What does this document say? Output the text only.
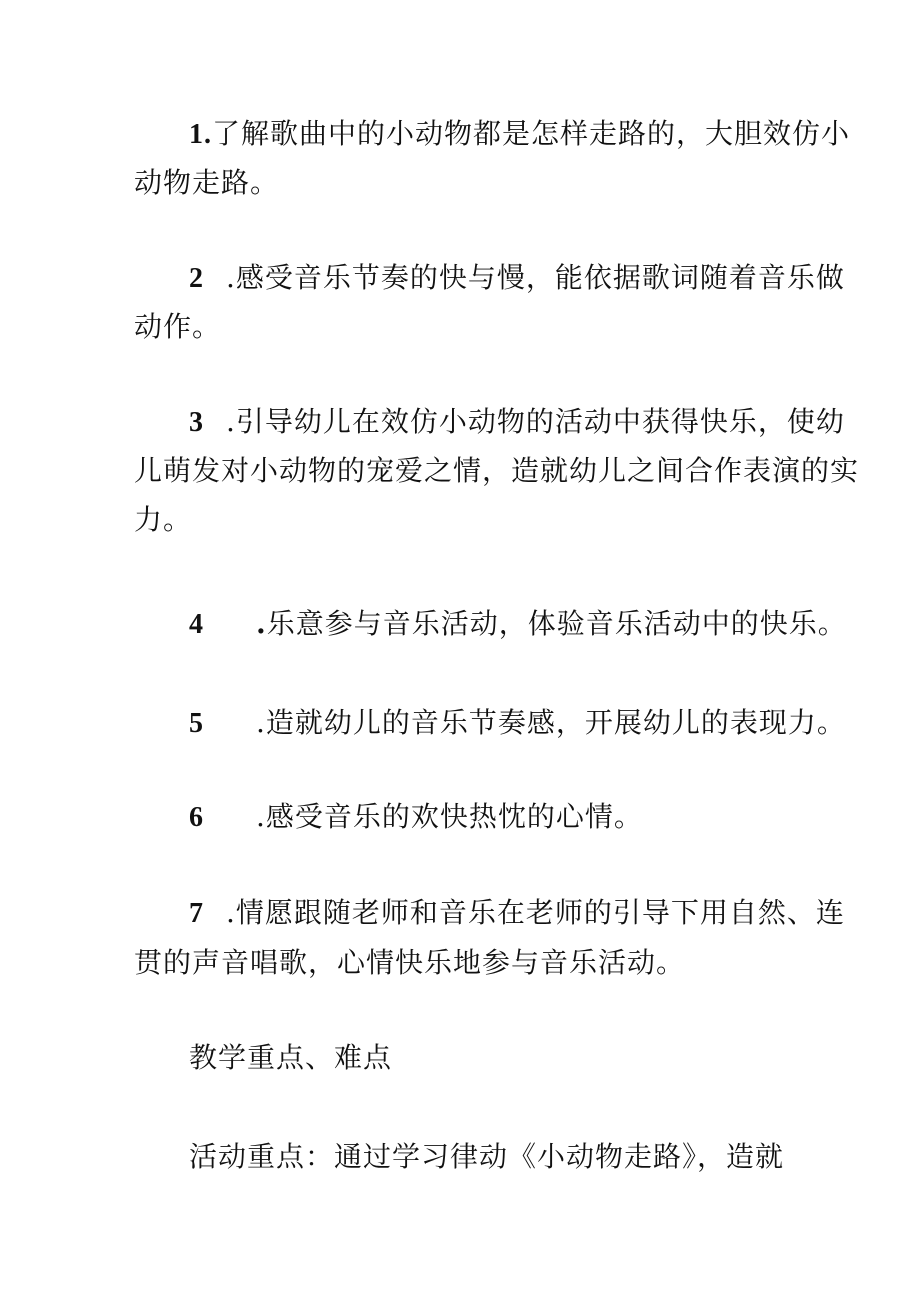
1.了解歌曲中的小动物都是怎样走路的，大胆效仿小
动物走路。
2 .感受音乐节奏的快与慢，能依据歌词随着音乐做
动作。
3 .引导幼儿在效仿小动物的活动中获得快乐，使幼
儿萌发对小动物的宠爱之情，造就幼儿之间合作表演的实
力。
4 .乐意参与音乐活动，体验音乐活动中的快乐。
5 .造就幼儿的音乐节奏感，开展幼儿的表现力。
6 .感受音乐的欢快热忱的心情。
7 .情愿跟随老师和音乐在老师的引导下用自然、连
贯的声音唱歌，心情快乐地参与音乐活动。
教学重点、难点
活动重点：通过学习律动《小动物走路》，造就
